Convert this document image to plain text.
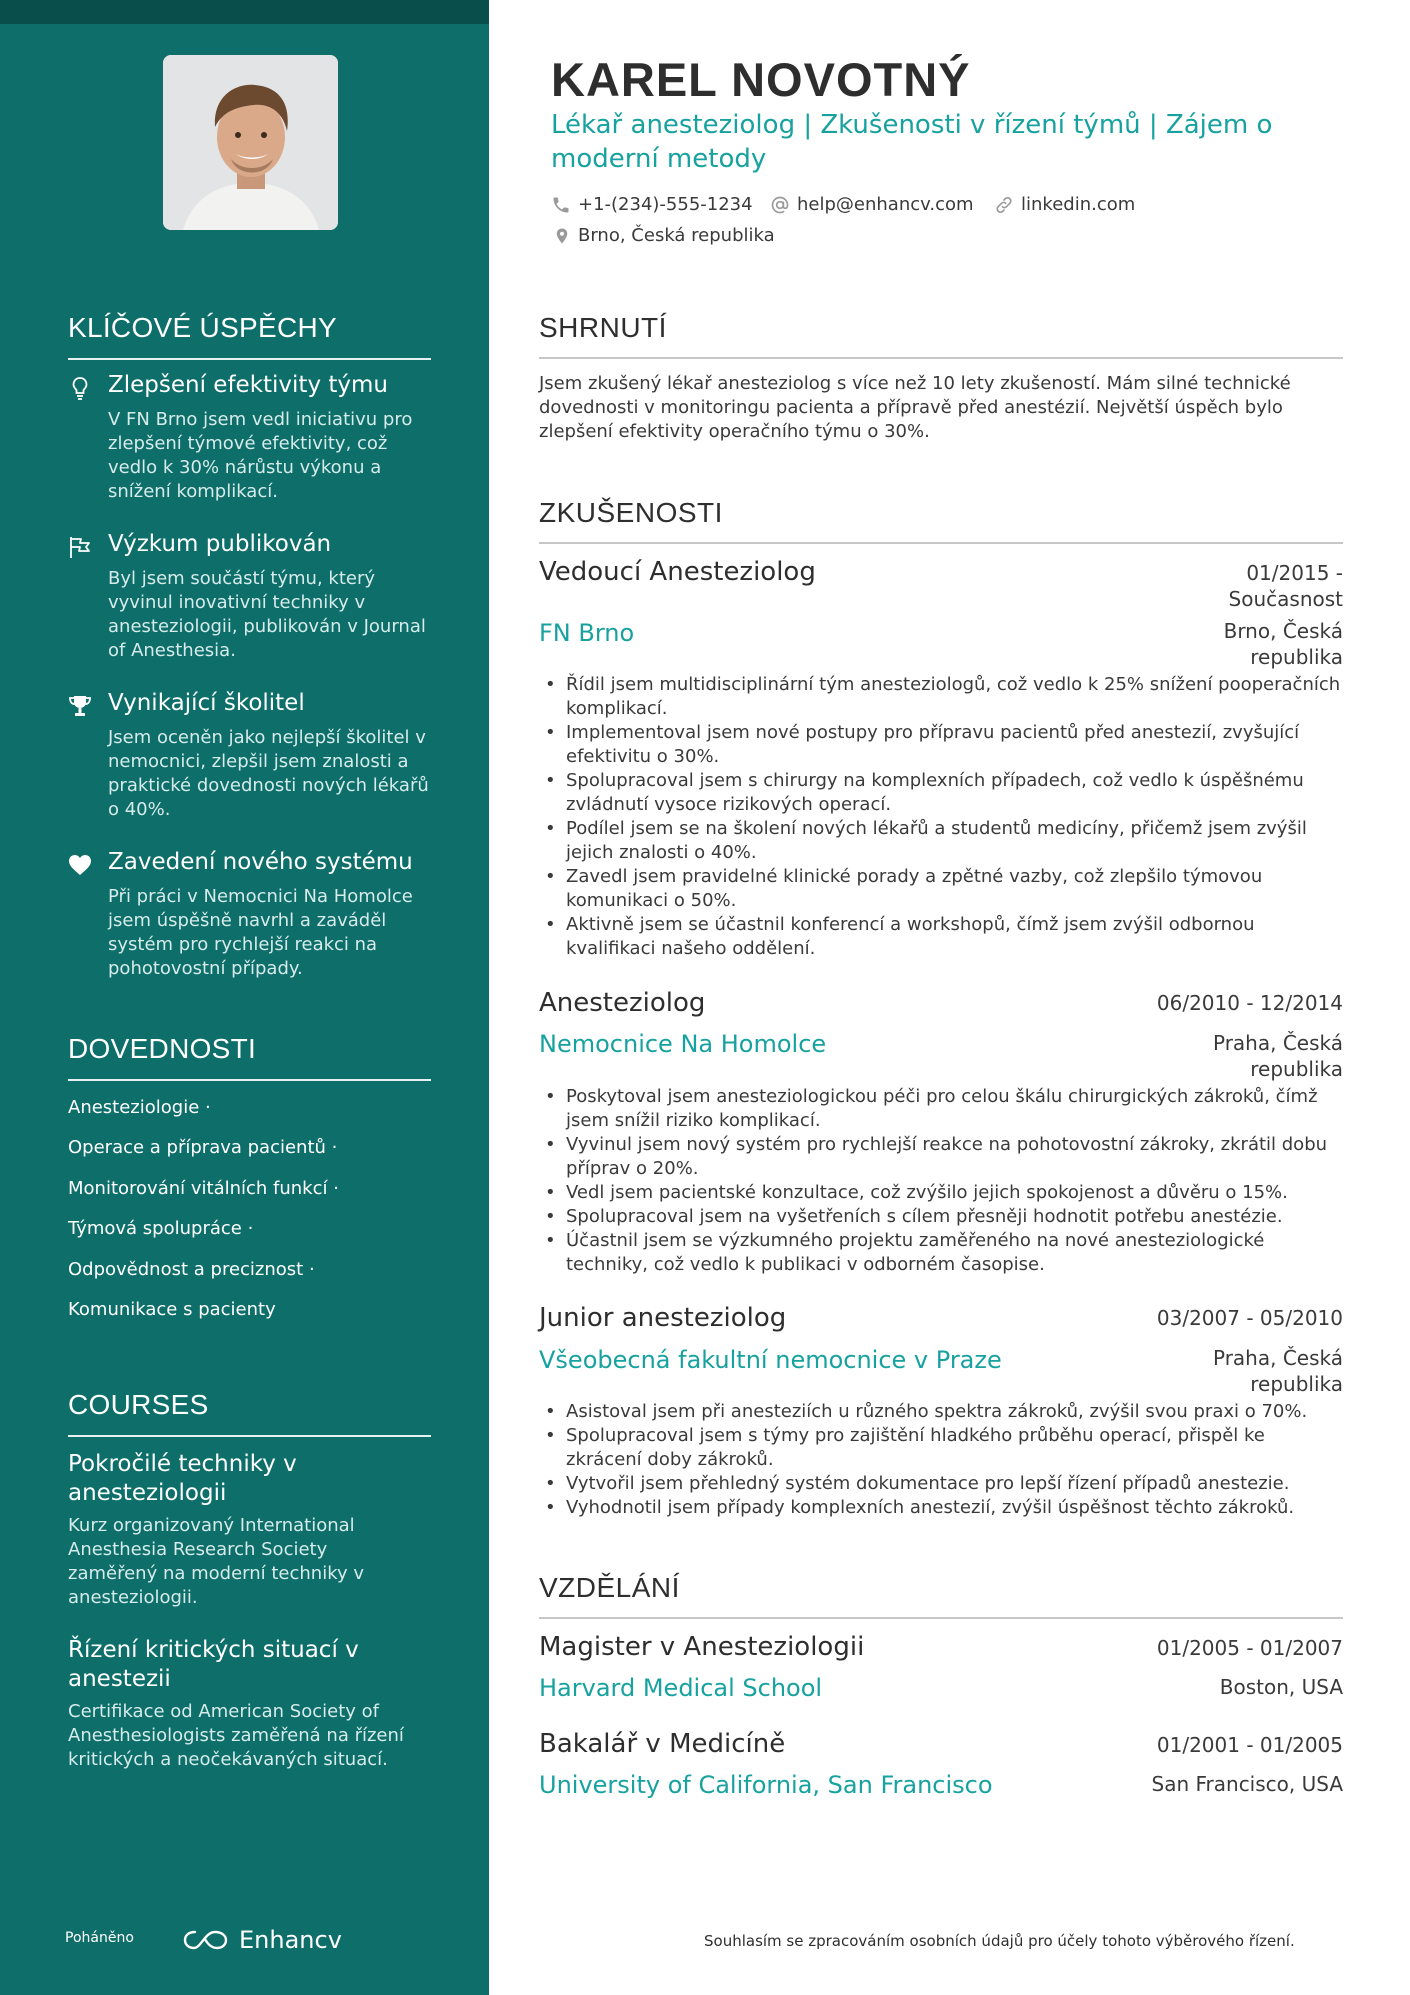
KLÍČOVÉ ÚSPĚCHY
Zlepšení efektivity týmu
V FN Brno jsem vedl iniciativu pro zlepšení týmové efektivity, což vedlo k 30% nárůstu výkonu a snížení komplikací.
Výzkum publikován
Byl jsem součástí týmu, který vyvinul inovativní techniky v anesteziologii, publikován v Journal of Anesthesia.
Vynikající školitel
Jsem oceněn jako nejlepší školitel v nemocnici, zlepšil jsem znalosti a praktické dovednosti nových lékařů o 40%.
Zavedení nového systému
Při práci v Nemocnici Na Homolce jsem úspěšně navrhl a zaváděl systém pro rychlejší reakci na pohotovostní případy.
DOVEDNOSTI
Anesteziologie ·
Operace a příprava pacientů ·
Monitorování vitálních funkcí ·
Týmová spolupráce ·
Odpovědnost a preciznost ·
Komunikace s pacienty
COURSES
Pokročilé techniky v anesteziologii
Kurz organizovaný International Anesthesia Research Society zaměřený na moderní techniky v anesteziologii.
Řízení kritických situací v anestezii
Certifikace od American Society of Anesthesiologists zaměřená na řízení kritických a neočekávaných situací.
Poháněno	Enhancv
KAREL NOVOTNÝ
Lékař anesteziolog | Zkušenosti v řízení týmů | Zájem o moderní metody
+1-(234)-555-1234 help@enhancv.com	linkedin.com
Brno, Česká republika
SHRNUTÍ
Jsem zkušený lékař anesteziolog s více než 10 lety zkušeností. Mám silné technické dovednosti v monitoringu pacienta a přípravě před anestézií. Největší úspěch bylo zlepšení efektivity operačního týmu o 30%.
ZKUŠENOSTI
Vedoucí Anesteziolog	01/2015 -
Současnost
FN Brno	Brno, Česká
republika
• Řídil jsem multidisciplinární tým anesteziologů, což vedlo k 25% snížení pooperačních komplikací.
• Implementoval jsem nové postupy pro přípravu pacientů před anestezií, zvyšující efektivitu o 30%.
• Spolupracoval jsem s chirurgy na komplexních případech, což vedlo k úspěšnému zvládnutí vysoce rizikových operací.
• Podílel jsem se na školení nových lékařů a studentů medicíny, přičemž jsem zvýšil jejich znalosti o 40%.
• Zavedl jsem pravidelné klinické porady a zpětné vazby, což zlepšilo týmovou komunikaci o 50%.
• Aktivně jsem se účastnil konferencí a workshopů, čímž jsem zvýšil odbornou kvalifikaci našeho oddělení.
Anesteziolog	06/2010 - 12/2014
Nemocnice Na Homolce	Praha, Česká
republika
• Poskytoval jsem anesteziologickou péči pro celou škálu chirurgických zákroků, čímž jsem snížil riziko komplikací.
• Vyvinul jsem nový systém pro rychlejší reakce na pohotovostní zákroky, zkrátil dobu příprav o 20%.
• Vedl jsem pacientské konzultace, což zvýšilo jejich spokojenost a důvěru o 15%.
• Spolupracoval jsem na vyšetřeních s cílem přesněji hodnotit potřebu anestézie.
• Účastnil jsem se výzkumného projektu zaměřeného na nové anesteziologické techniky, což vedlo k publikaci v odborném časopise.
Junior anesteziolog	03/2007 - 05/2010
Všeobecná fakultní nemocnice v Praze	Praha, Česká
republika
• Asistoval jsem při anesteziích u různého spektra zákroků, zvýšil svou praxi o 70%.
• Spolupracoval jsem s týmy pro zajištění hladkého průběhu operací, přispěl ke zkrácení doby zákroků.
• Vytvořil jsem přehledný systém dokumentace pro lepší řízení případů anestezie.
• Vyhodnotil jsem případy komplexních anestezií, zvýšil úspěšnost těchto zákroků.
VZDĚLÁNÍ
Magister v Anesteziologii	01/2005 - 01/2007
Harvard Medical School	Boston, USA
Bakalář v Medicíně	01/2001 - 01/2005
University of California, San Francisco	San Francisco, USA
Souhlasím se zpracováním osobních údajů pro účely tohoto výběrového řízení.
